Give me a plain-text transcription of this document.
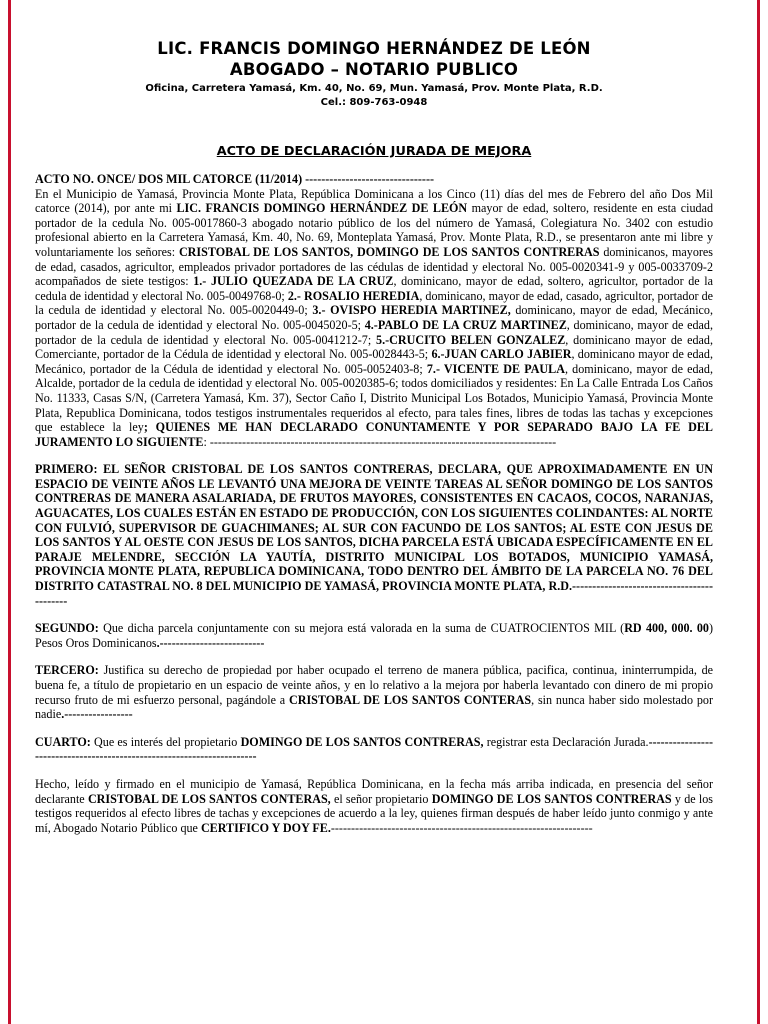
LIC. FRANCIS DOMINGO HERNÁNDEZ DE LEÓN
ABOGADO – NOTARIO PUBLICO
Oficina, Carretera Yamasá, Km. 40, No. 69, Mun. Yamasá, Prov. Monte Plata, R.D.
Cel.: 809-763-0948
ACTO DE DECLARACIÓN JURADA DE MEJORA

ACTO NO. ONCE/ DOS MIL CATORCE (11/2014) --------------------------------

En el Municipio de Yamasá, Provincia Monte Plata, República Dominicana a los Cinco (11) días del mes de Febrero del año Dos Mil catorce (2014), por ante mi LIC. FRANCIS DOMINGO HERNÁNDEZ DE LEÓN mayor de edad, soltero, residente en esta ciudad portador de la cedula No. 005-0017860-3 abogado notario público de los del número de Yamasá, Colegiatura No. 3402 con estudio profesional abierto en la Carretera Yamasá, Km. 40, No. 69, Monteplata Yamasá, Prov. Monte Plata, R.D., se presentaron ante mi libre y voluntariamente los señores: CRISTOBAL DE LOS SANTOS, DOMINGO DE LOS SANTOS CONTRERAS dominicanos, mayores de edad, casados, agricultor, empleados privador portadores de las cédulas de identidad y electoral No. 005-0020341-9 y 005-0033709-2 acompañados de siete testigos: 1.- JULIO QUEZADA DE LA CRUZ, dominicano, mayor de edad, soltero, agricultor, portador de la cedula de identidad y electoral No. 005-0049768-0; 2.- ROSALIO HEREDIA, dominicano, mayor de edad, casado, agricultor, portador de la cedula de identidad y electoral No. 005-0020449-0; 3.- OVISPO HEREDIA MARTINEZ, dominicano, mayor de edad, Mecánico, portador de la cedula de identidad y electoral No. 005-0045020-5; 4.-PABLO DE LA CRUZ MARTINEZ, dominicano, mayor de edad, portador de la cedula de identidad y electoral No. 005-0041212-7; 5.-CRUCITO BELEN GONZALEZ, dominicano mayor de edad, Comerciante, portador de la Cédula de identidad y electoral No. 005-0028443-5; 6.-JUAN CARLO JABIER, dominicano mayor de edad, Mecánico, portador de la Cédula de identidad y electoral No. 005-0052403-8; 7.- VICENTE DE PAULA, dominicano, mayor de edad, Alcalde, portador de la cedula de identidad y electoral No. 005-0020385-6; todos domiciliados y residentes: En La Calle Entrada Los Caños No. 11333, Casas S/N, (Carretera Yamasá, Km. 37), Sector Caño I, Distrito Municipal Los Botados, Municipio Yamasá, Provincia Monte Plata, Republica Dominicana, todos testigos instrumentales requeridos al efecto, para tales fines, libres de todas las tachas y excepciones que establece la ley; QUIENES ME HAN DECLARADO CONUNTAMENTE Y POR SEPARADO BAJO LA FE DEL JURAMENTO LO SIGUIENTE: --------------------------------------------------------------------------------------

PRIMERO: EL SEÑOR CRISTOBAL DE LOS SANTOS CONTRERAS, DECLARA, QUE APROXIMADAMENTE EN UN ESPACIO DE VEINTE AÑOS LE LEVANTÓ UNA MEJORA DE VEINTE TAREAS AL SEÑOR DOMINGO DE LOS SANTOS CONTRERAS DE MANERA ASALARIADA, DE FRUTOS MAYORES, CONSISTENTES EN CACAOS, COCOS, NARANJAS, AGUACATES, LOS CUALES ESTÁN EN ESTADO DE PRODUCCIÓN, CON LOS SIGUIENTES COLINDANTES: AL NORTE CON FULVIÓ, SUPERVISOR DE GUACHIMANES; AL SUR CON FACUNDO DE LOS SANTOS; AL ESTE CON JESUS DE LOS SANTOS Y AL OESTE CON JESUS DE LOS SANTOS, DICHA PARCELA ESTÁ UBICADA ESPECÍFICAMENTE EN EL PARAJE MELENDRE, SECCIÓN LA YAUTÍA, DISTRITO MUNICIPAL LOS BOTADOS, MUNICIPIO YAMASÁ, PROVINCIA MONTE PLATA, REPUBLICA DOMINICANA, TODO DENTRO DEL ÁMBITO DE LA PARCELA NO. 76 DEL DISTRITO CATASTRAL NO. 8 DEL MUNICIPIO DE YAMASÁ, PROVINCIA MONTE PLATA, R.D.-------------------------------------------

SEGUNDO: Que dicha parcela conjuntamente con su mejora está valorada en la suma de CUATROCIENTOS MIL (RD 400, 000. 00) Pesos Oros Dominicanos.--------------------------

TERCERO: Justifica su derecho de propiedad por haber ocupado el terreno de manera pública, pacifica, continua, ininterrumpida, de buena fe, a título de propietario en un espacio de veinte años, y en lo relativo a la mejora por haberla levantado con dinero de mi propio recurso fruto de mi esfuerzo personal, pagándole a CRISTOBAL DE LOS SANTOS CONTERAS, sin nunca haber sido molestado por nadie.-----------------

CUARTO: Que es interés del propietario DOMINGO DE LOS SANTOS CONTRERAS, registrar esta Declaración Jurada.-----------------------------------------------------------------------

Hecho, leído y firmado en el municipio de Yamasá, República Dominicana, en la fecha más arriba indicada, en presencia del señor declarante CRISTOBAL DE LOS SANTOS CONTERAS, el señor propietario DOMINGO DE LOS SANTOS CONTRERAS y de los testigos requeridos al efecto libres de tachas y excepciones de acuerdo a la ley, quienes firman después de haber leído junto conmigo y ante mí, Abogado Notario Público que CERTIFICO Y DOY FE.-----------------------------------------------------------------
